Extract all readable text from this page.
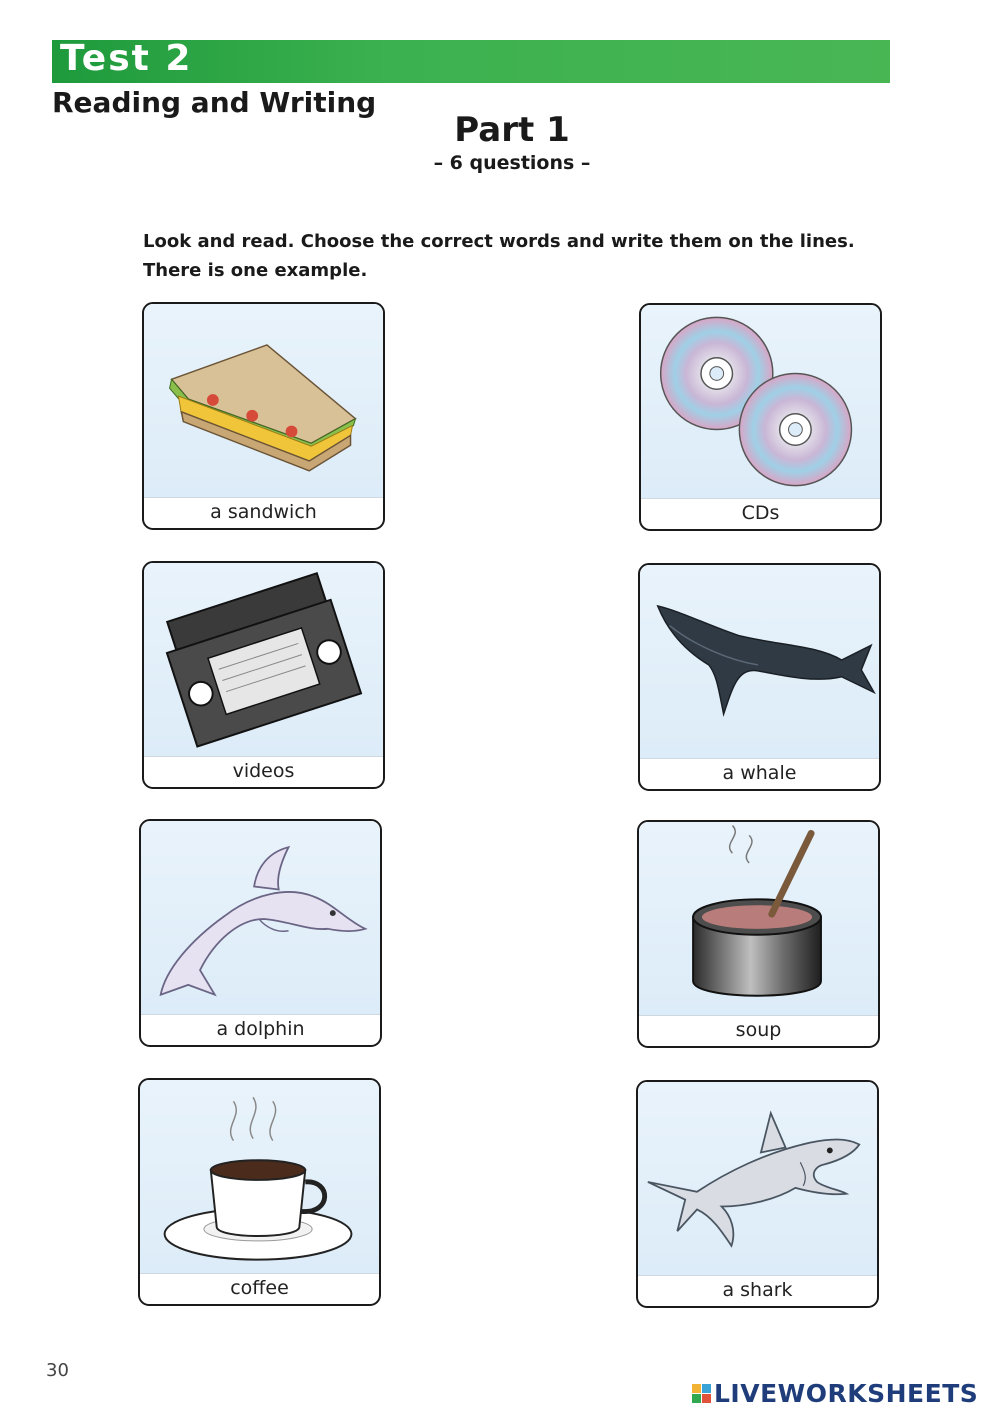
Test 2
Reading and Writing
Part 1
– 6 questions –
Look and read. Choose the correct words and write them on the lines. There is one example.
a sandwich	CDs
videos	a whale
a dolphin	soup
coffee	a shark
30
LIVEWORKSHEETS
